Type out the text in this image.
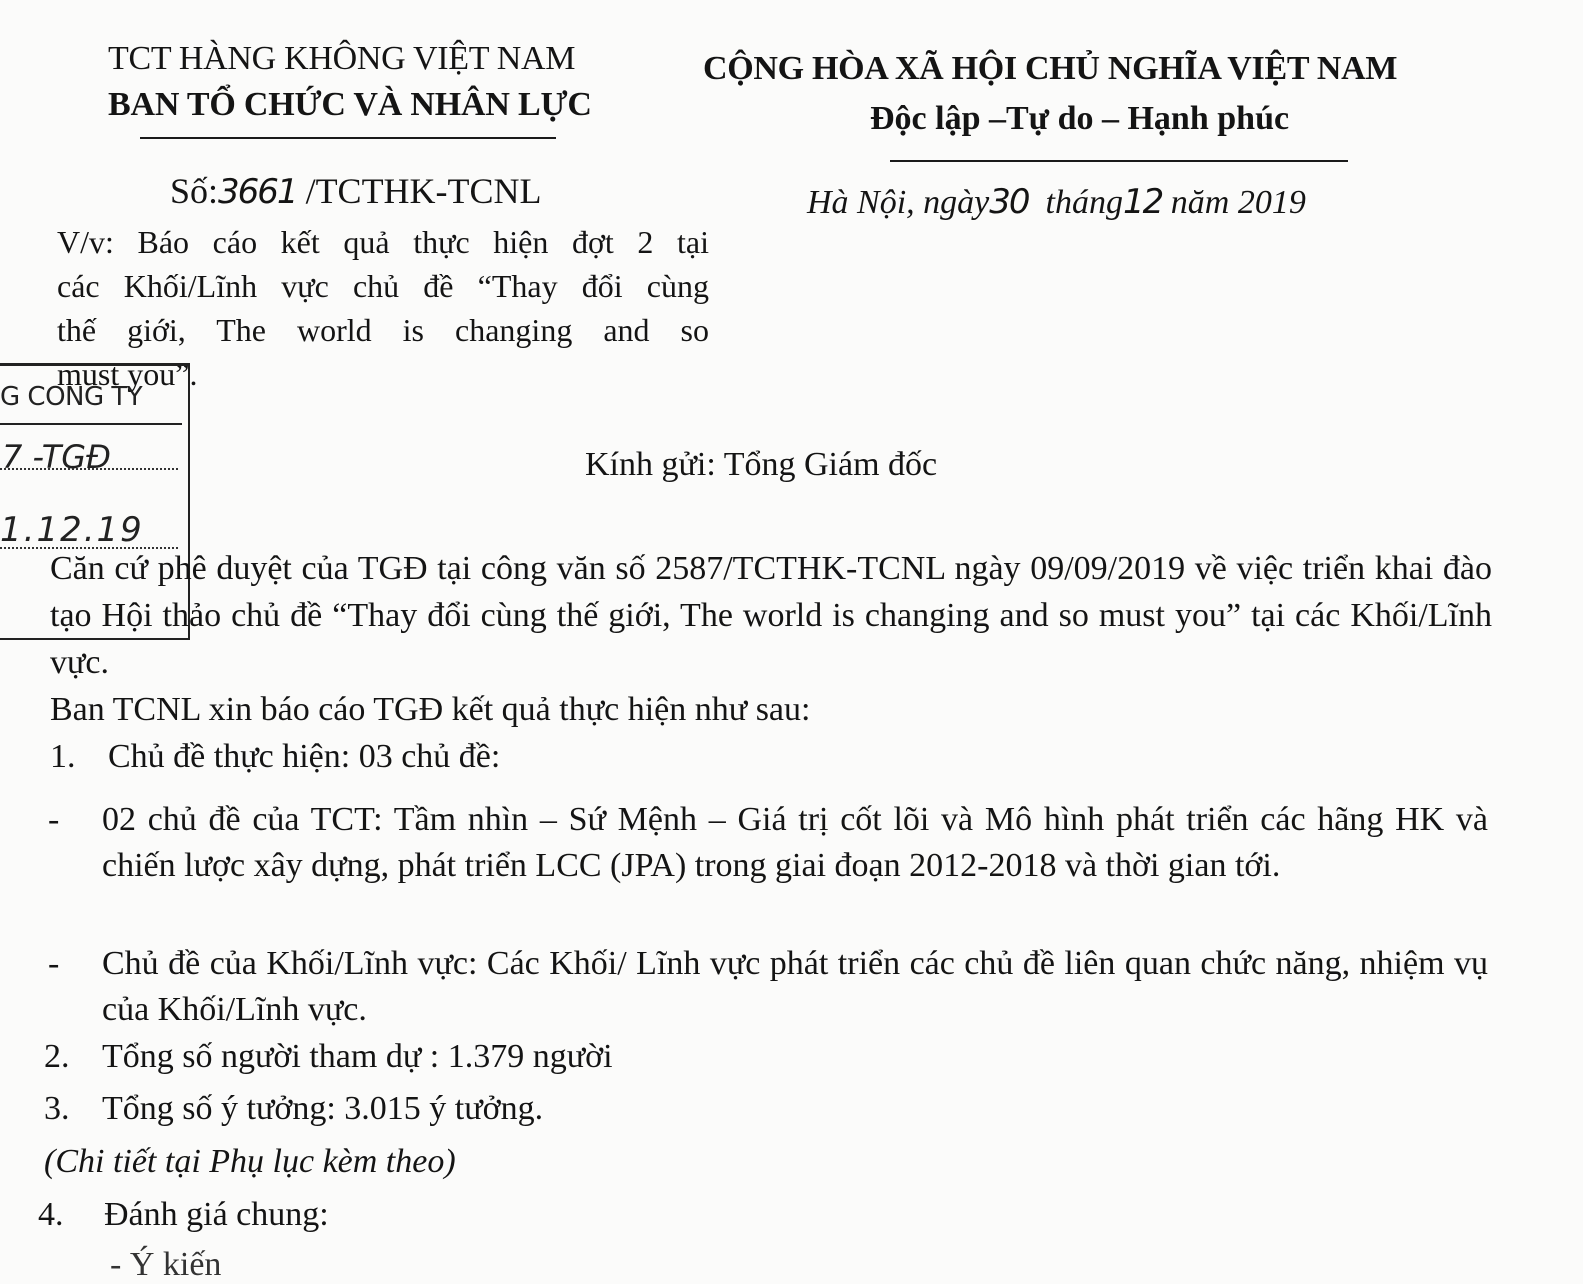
TCT HÀNG KHÔNG VIỆT NAM
BAN TỔ CHỨC VÀ NHÂN LỰC
CỘNG HÒA XÃ HỘI CHỦ NGHĨA VIỆT NAM
Độc lập –Tự do – Hạnh phúc
Số:3661 /TCTHK-TCNL	Hà Nội, ngày30 tháng12 năm 2019
V/v: Báo cáo kết quả thực hiện đợt 2 tại
các Khối/Lĩnh vực chủ đề “Thay đổi cùng
thế giới, The world is changing and so
must you”.
G CONG TY
7 -TGĐ
1.12.19
Kính gửi: Tổng Giám đốc
Căn cứ phê duyệt của TGĐ tại công văn số 2587/TCTHK-TCNL ngày 09/09/2019 về việc triển khai đào tạo Hội thảo chủ đề “Thay đổi cùng thế giới, The world is changing and so must you” tại các Khối/Lĩnh vực.
Ban TCNL xin báo cáo TGĐ kết quả thực hiện như sau:
1. Chủ đề thực hiện: 03 chủ đề:
- 02 chủ đề của TCT: Tầm nhìn – Sứ Mệnh – Giá trị cốt lõi và Mô hình phát triển các hãng HK và chiến lược xây dựng, phát triển LCC (JPA) trong giai đoạn 2012-2018 và thời gian tới.
- Chủ đề của Khối/Lĩnh vực: Các Khối/ Lĩnh vực phát triển các chủ đề liên quan chức năng, nhiệm vụ của Khối/Lĩnh vực.
2. Tổng số người tham dự : 1.379 người
3. Tổng số ý tưởng: 3.015 ý tưởng.
(Chi tiết tại Phụ lục kèm theo)
4. Đánh giá chung:
- Ý kiến
